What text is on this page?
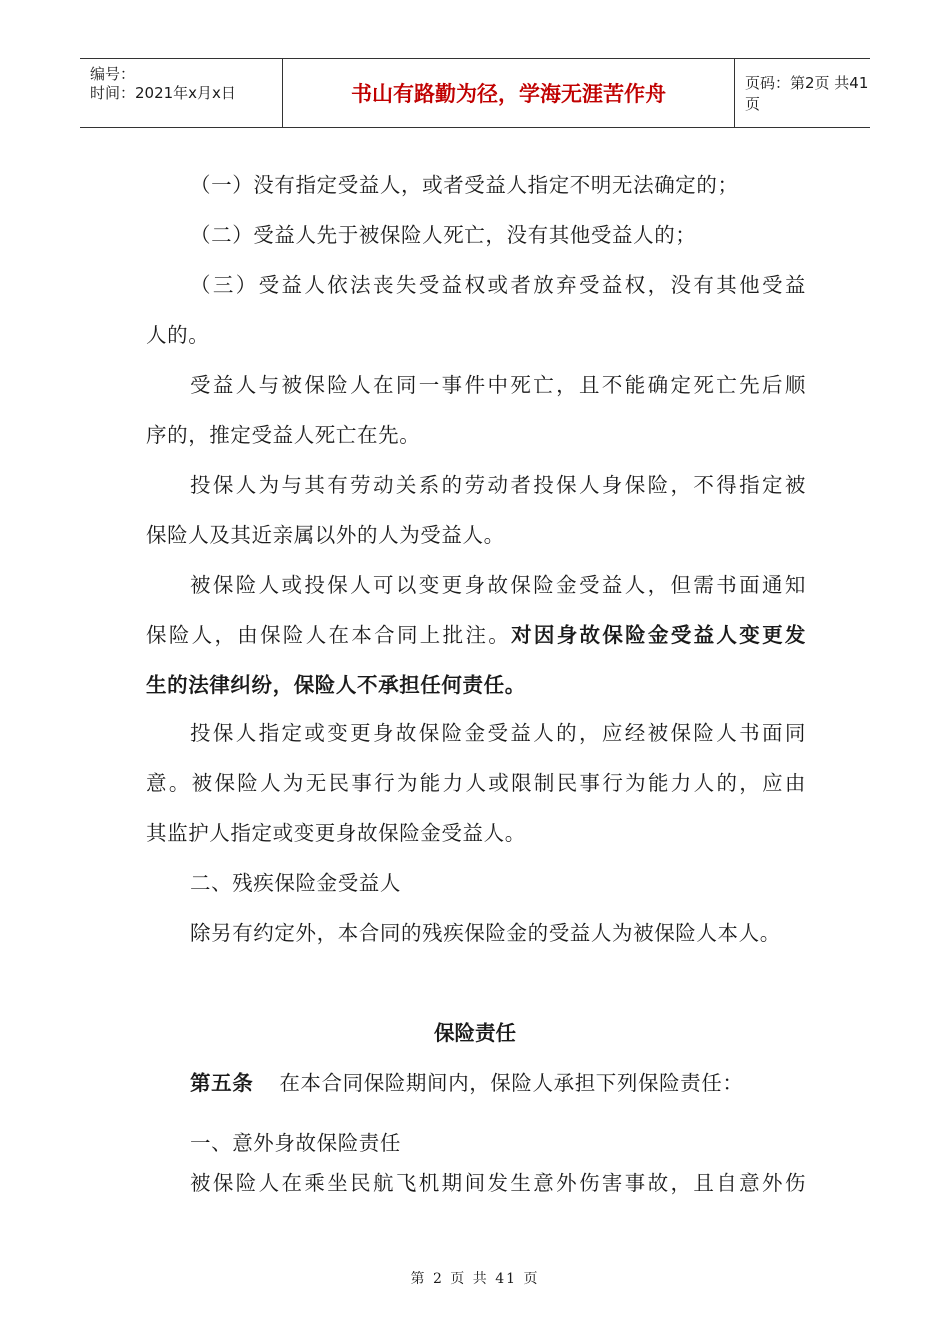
编号：
时间：2021年x月x日	书山有路勤为径，学海无涯苦作舟	页码：第2页 共41页
（一）没有指定受益人，或者受益人指定不明无法确定的；
（二）受益人先于被保险人死亡，没有其他受益人的；
（三）受益人依法丧失受益权或者放弃受益权，没有其他受益
人的。
受益人与被保险人在同一事件中死亡，且不能确定死亡先后顺
序的，推定受益人死亡在先。
投保人为与其有劳动关系的劳动者投保人身保险，不得指定被
保险人及其近亲属以外的人为受益人。
被保险人或投保人可以变更身故保险金受益人，但需书面通知
保险人，由保险人在本合同上批注。对因身故保险金受益人变更发
生的法律纠纷，保险人不承担任何责任。
投保人指定或变更身故保险金受益人的，应经被保险人书面同
意。被保险人为无民事行为能力人或限制民事行为能力人的，应由
其监护人指定或变更身故保险金受益人。
二、残疾保险金受益人
除另有约定外，本合同的残疾保险金的受益人为被保险人本人。
保险责任
第五条 在本合同保险期间内，保险人承担下列保险责任：
一、意外身故保险责任
被保险人在乘坐民航飞机期间发生意外伤害事故，且自意外伤
第 2 页 共 41 页
